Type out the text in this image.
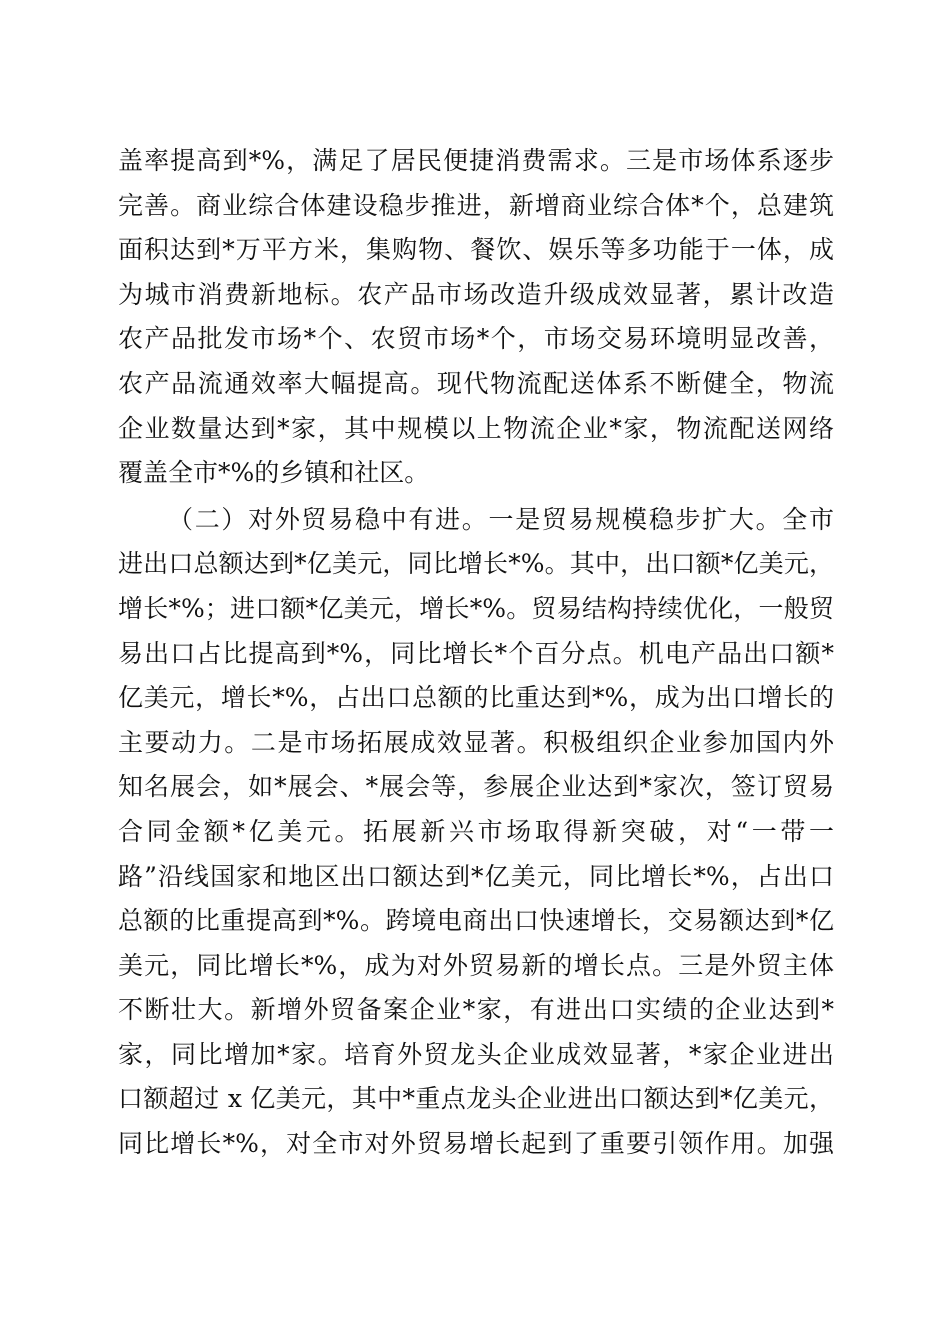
盖率提高到*%，满足了居民便捷消费需求。三是市场体系逐步
完善。商业综合体建设稳步推进，新增商业综合体*个，总建筑
面积达到*万平方米，集购物、餐饮、娱乐等多功能于一体，成
为城市消费新地标。农产品市场改造升级成效显著，累计改造
农产品批发市场*个、农贸市场*个，市场交易环境明显改善，
农产品流通效率大幅提高。现代物流配送体系不断健全，物流
企业数量达到*家，其中规模以上物流企业*家，物流配送网络
覆盖全市*%的乡镇和社区。
（二）对外贸易稳中有进。一是贸易规模稳步扩大。全市
进出口总额达到*亿美元，同比增长*%。其中，出口额*亿美元，
增长*%；进口额*亿美元，增长*%。贸易结构持续优化，一般贸
易出口占比提高到*%，同比增长*个百分点。机电产品出口额*
亿美元，增长*%，占出口总额的比重达到*%，成为出口增长的
主要动力。二是市场拓展成效显著。积极组织企业参加国内外
知名展会，如*展会、*展会等，参展企业达到*家次，签订贸易
合同金额*亿美元。拓展新兴市场取得新突破，对“一带一
路”沿线国家和地区出口额达到*亿美元，同比增长*%，占出口
总额的比重提高到*%。跨境电商出口快速增长，交易额达到*亿
美元，同比增长*%，成为对外贸易新的增长点。三是外贸主体
不断壮大。新增外贸备案企业*家，有进出口实绩的企业达到*
家，同比增加*家。培育外贸龙头企业成效显著，*家企业进出
口额超过 x 亿美元，其中*重点龙头企业进出口额达到*亿美元，
同比增长*%，对全市对外贸易增长起到了重要引领作用。加强
